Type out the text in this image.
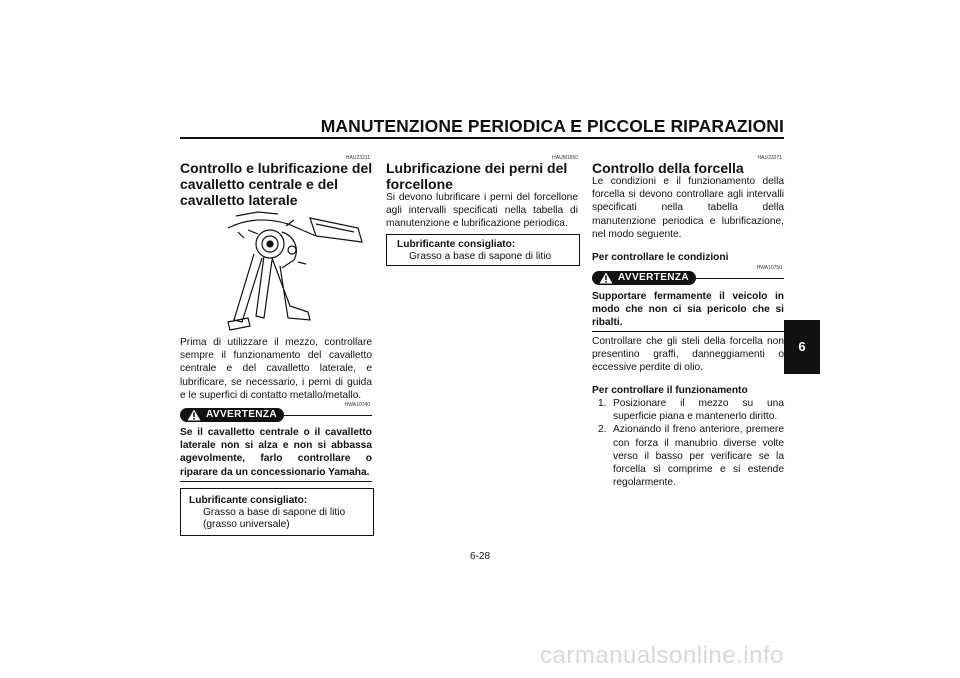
MANUTENZIONE PERIODICA E PICCOLE RIPARAZIONI
HAU23211
Controllo e lubrificazione del cavalletto centrale e del cavalletto laterale
Prima di utilizzare il mezzo, controllare sempre il funzionamento del cavalletto centrale e del cavalletto laterale, e lubrificare, se necessario, i perni di guida e le superfici di contatto metallo/metallo.
HWA10740
AVVERTENZA
Se il cavalletto centrale o il cavalletto laterale non si alza e non si abbassa agevolmente, farlo controllare o riparare da un concessionario Yamaha.
Lubrificante consigliato:
Grasso a base di sapone di litio
(grasso universale)
HAUM1650
Lubrificazione dei perni del forcellone
Si devono lubrificare i perni del forcellone agli intervalli specificati nella tabella di manutenzione e lubrificazione periodica.
Lubrificante consigliato:
Grasso a base di sapone di litio
HAU23271
Controllo della forcella
Le condizioni e il funzionamento della forcella si devono controllare agli intervalli specificati nella tabella della manutenzione periodica e lubrificazione, nel modo seguente.
Per controllare le condizioni
HWA10750
AVVERTENZA
Supportare fermamente il veicolo in modo che non ci sia pericolo che si ribalti.
Controllare che gli steli della forcella non presentino graffi, danneggiamenti o eccessive perdite di olio.
Per controllare il funzionamento
1. Posizionare il mezzo su una superficie piana e mantenerlo diritto.
2. Azionando il freno anteriore, premere con forza il manubrio diverse volte verso il basso per verificare se la forcella si comprime e si estende regolarmente.
6
6-28
carmanualsonline.info
